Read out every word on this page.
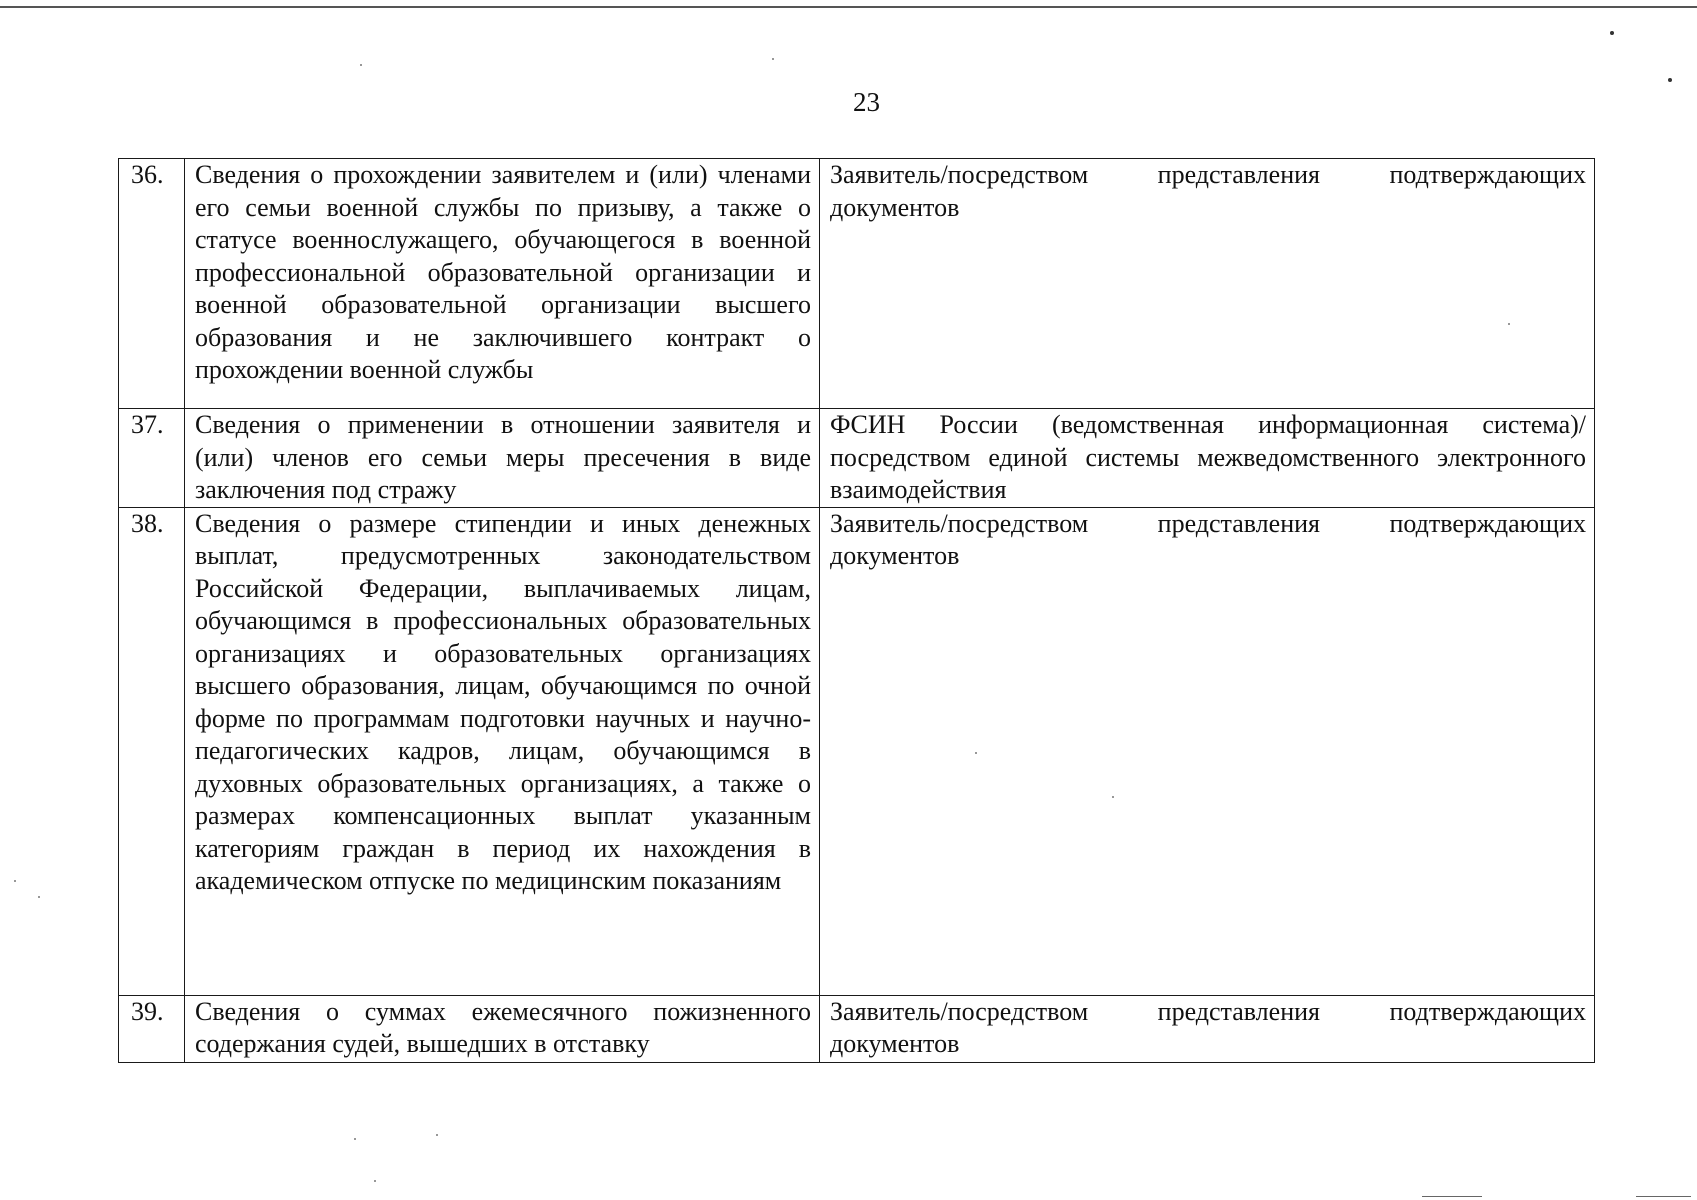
23
36.	Сведения о прохождении заявителем и (или) членами его семьи военной службы по призыву, а также о статусе военнослужащего, обучающегося в военной профессиональной образовательной организации и военной образовательной организации высшего образования и не заключившего контракт о прохождении военной службы	Заявитель/посредством представления подтверждающих документов
37.	Сведения о применении в отношении заявителя и (или) членов его семьи меры пресечения в виде заключения под стражу	ФСИН России (ведомственная информационная система)/посредством единой системы межведомственного электронного взаимодействия
38.	Сведения о размере стипендии и иных денежных выплат, предусмотренных законодательством Российской Федерации, выплачиваемых лицам, обучающимся в профессиональных образовательных организациях и образовательных организациях высшего образования, лицам, обучающимся по очной форме по программам подготовки научных и научно-педагогических кадров, лицам, обучающимся в духовных образовательных организациях, а также о размерах компенсационных выплат указанным категориям граждан в период их нахождения в академическом отпуске по медицинским показаниям	Заявитель/посредством представления подтверждающих документов
39.	Сведения о суммах ежемесячного пожизненного содержания судей, вышедших в отставку	Заявитель/посредством представления подтверждающих документов
